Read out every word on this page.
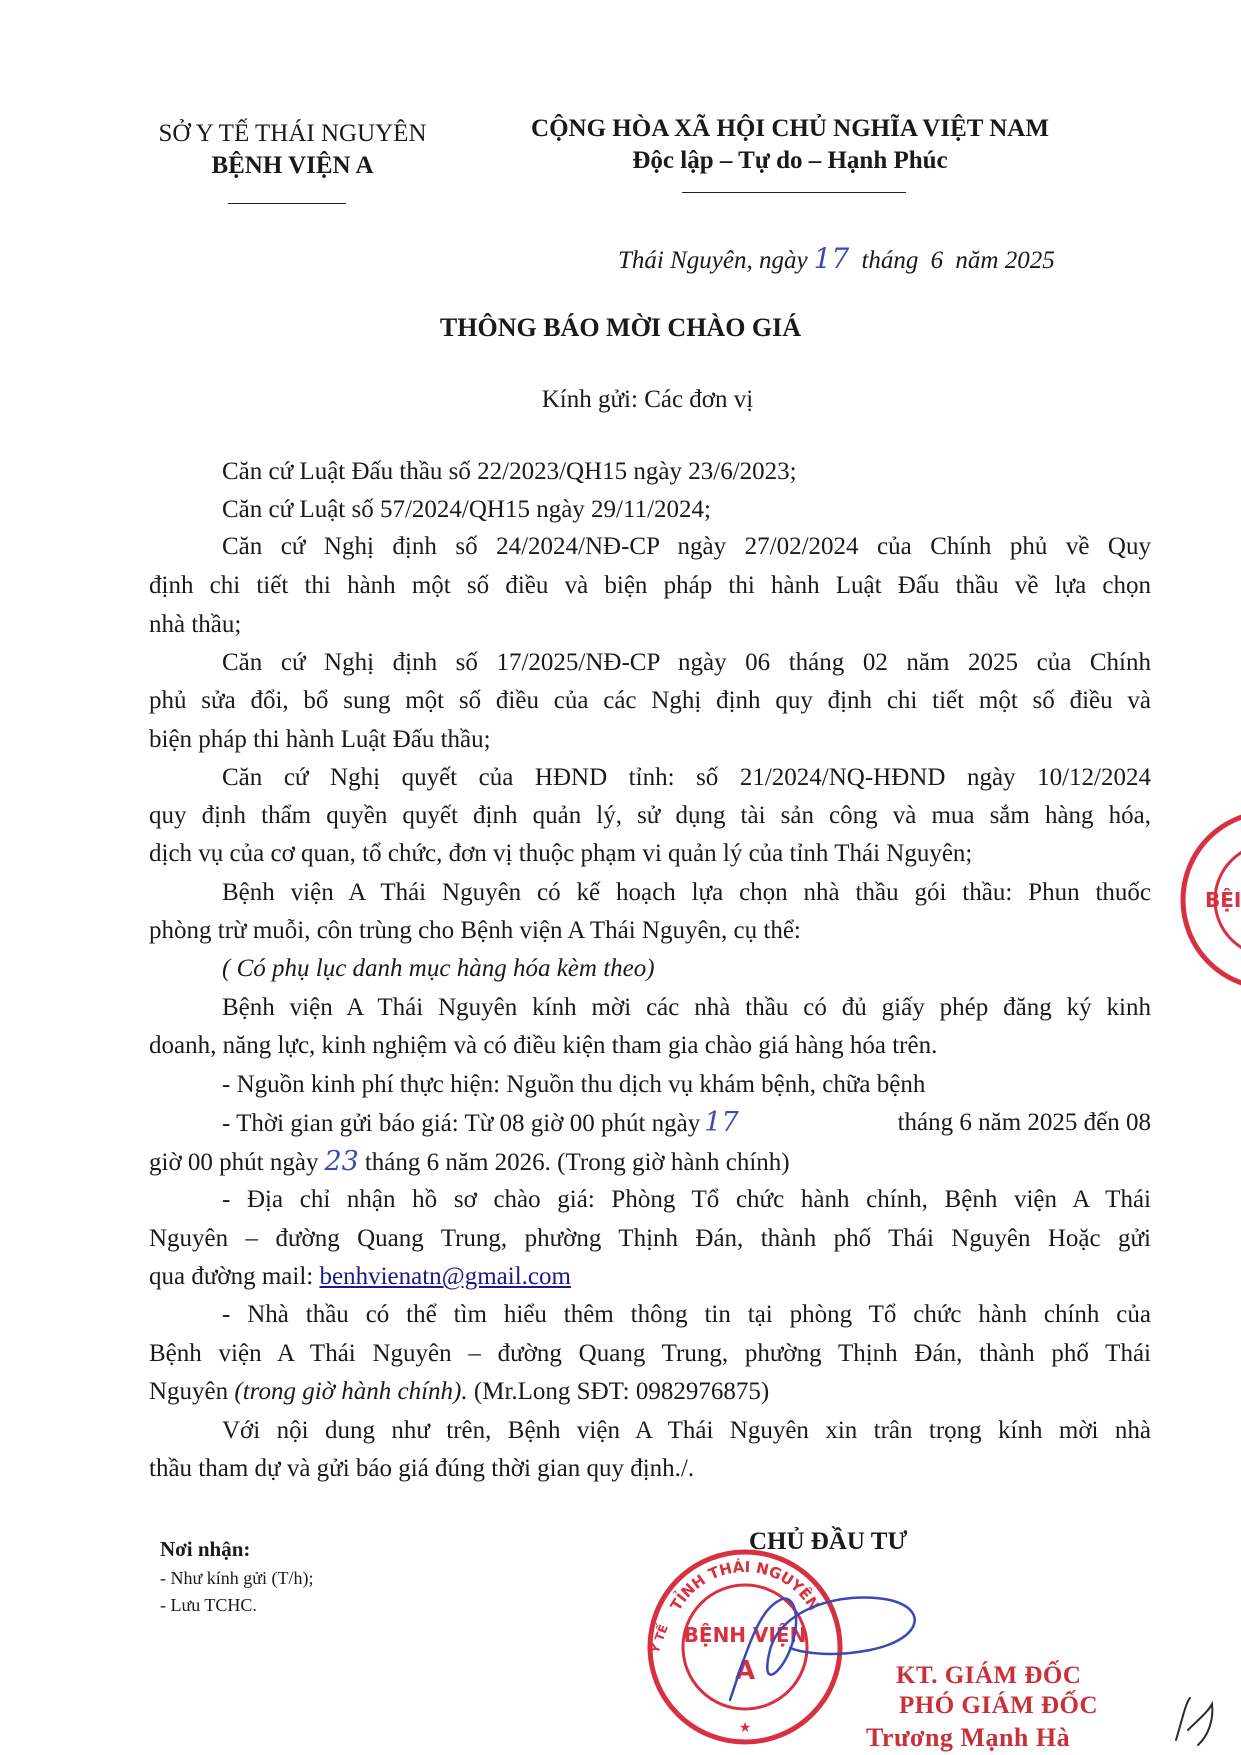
SỞ Y TẾ THÁI NGUYÊN
BỆNH VIỆN A
CỘNG HÒA XÃ HỘI CHỦ NGHĨA VIỆT NAM
Độc lập – Tự do – Hạnh Phúc
Thái Nguyên, ngày 17 tháng 6 năm 2025
THÔNG BÁO MỜI CHÀO GIÁ
Kính gửi: Các đơn vị
Căn cứ Luật Đấu thầu số 22/2023/QH15 ngày 23/6/2023;
Căn cứ Luật số 57/2024/QH15 ngày 29/11/2024;
Căn cứ Nghị định số 24/2024/NĐ-CP ngày 27/02/2024 của Chính phủ về Quy
định chi tiết thi hành một số điều và biện pháp thi hành Luật Đấu thầu về lựa chọn
nhà thầu;
Căn cứ Nghị định số 17/2025/NĐ-CP ngày 06 tháng 02 năm 2025 của Chính
phủ sửa đổi, bổ sung một số điều của các Nghị định quy định chi tiết một số điều và
biện pháp thi hành Luật Đấu thầu;
Căn cứ Nghị quyết của HĐND tỉnh: số 21/2024/NQ-HĐND ngày 10/12/2024
quy định thẩm quyền quyết định quản lý, sử dụng tài sản công và mua sắm hàng hóa,
dịch vụ của cơ quan, tổ chức, đơn vị thuộc phạm vi quản lý của tỉnh Thái Nguyên;
Bệnh viện A Thái Nguyên có kế hoạch lựa chọn nhà thầu gói thầu: Phun thuốc
phòng trừ muỗi, côn trùng cho Bệnh viện A Thái Nguyên, cụ thể:
( Có phụ lục danh mục hàng hóa kèm theo)
Bệnh viện A Thái Nguyên kính mời các nhà thầu có đủ giấy phép đăng ký kinh
doanh, năng lực, kinh nghiệm và có điều kiện tham gia chào giá hàng hóa trên.
- Nguồn kinh phí thực hiện: Nguồn thu dịch vụ khám bệnh, chữa bệnh
- Thời gian gửi báo giá: Từ 08 giờ 00 phút ngày 17	tháng 6 năm 2025 đến 08
giờ 00 phút ngày 23 tháng 6 năm 2026. (Trong giờ hành chính)
- Địa chỉ nhận hồ sơ chào giá: Phòng Tổ chức hành chính, Bệnh viện A Thái
Nguyên – đường Quang Trung, phường Thịnh Đán, thành phố Thái Nguyên Hoặc gửi
qua đường mail: benhvienatn@gmail.com
- Nhà thầu có thể tìm hiểu thêm thông tin tại phòng Tổ chức hành chính của
Bệnh viện A Thái Nguyên – đường Quang Trung, phường Thịnh Đán, thành phố Thái
Nguyên (trong giờ hành chính). (Mr.Long SĐT: 0982976875)
Với nội dung như trên, Bệnh viện A Thái Nguyên xin trân trọng kính mời nhà
thầu tham dự và gửi báo giá đúng thời gian quy định./.
Nơi nhận:
- Như kính gửi (T/h);
- Lưu TCHC.
CHỦ ĐẦU TƯ
TỈNH THÁI NGUYÊN
BỆNH VIỆN
A
Y TẾ
★
BỆI
KT. GIÁM ĐỐC
PHÓ GIÁM ĐỐC
Trương Mạnh Hà
